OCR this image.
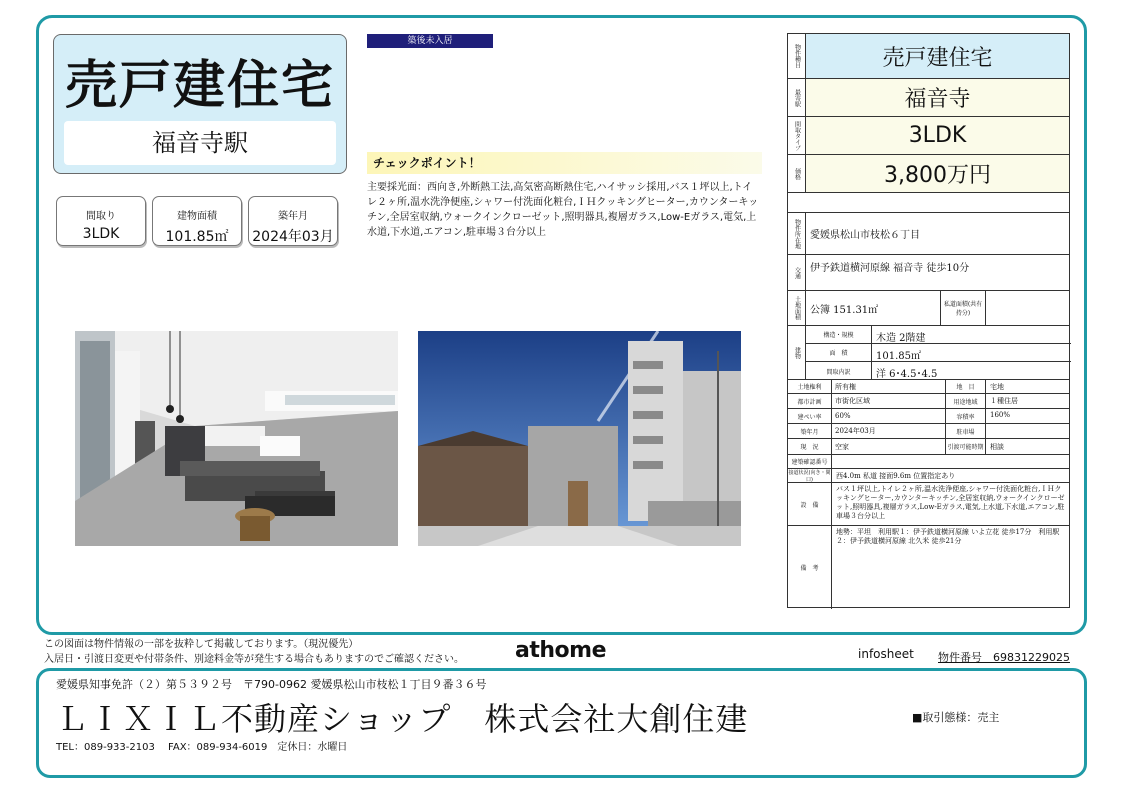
売戸建住宅
福音寺駅
間取り
3LDK
建物面積
101.85㎡
築年月
2024年03月
築後未入居
チェックポイント！
主要採光面：西向き,外断熱工法,高気密高断熱住宅,ハイサッシ採用,バス１坪以上,トイレ２ヶ所,温水洗浄便座,シャワー付洗面化粧台,ＩＨクッキングヒーター,カウンターキッチン,全居室収納,ウォークインクローゼット,照明器具,複層ガラス,Low-Eガラス,電気,上水道,下水道,エアコン,駐車場３台分以上
物件種目	売戸建住宅
最寄駅	福音寺
間取タイプ	3LDK
価格	3,800万円
物件所在地 愛媛県松山市枝松６丁目
交通 伊予鉄道横河原線 福音寺 徒歩10分
土地面積 公簿 151.31㎡	私道面積(共有持分)
建物
構造・規模	木造 2階建
面　積	101.85㎡
間取内訳	洋 6･4.5･4.5
土地権利	所有権	地　目	宅地
都市計画	市街化区域	用途地域	１種住居
建ぺい率	60%	容積率	160%
築年月	2024年03月	駐車場
現　況	空家	引渡可能時期 相談
建築確認番号
接道状況(向き・間口)	西4.0m 私道 接面9.6m 位置指定あり
設　備
バス１坪以上,トイレ２ヶ所,温水洗浄便座,シャワー付洗面化粧台,ＩＨクッキングヒーター,カウンターキッチン,全居室収納,ウォークインクローゼット,照明器具,複層ガラス,Low-Eガラス,電気,上水道,下水道,エアコン,駐車場３台分以上
備　考
地勢：平坦　利用駅１：伊予鉄道横河原線 いよ立花 徒歩17分　利用駅２：伊予鉄道横河原線 北久米 徒歩21分
この図面は物件情報の一部を抜粋して掲載しております。（現況優先）
入居日・引渡日変更や付帯条件、別途料金等が発生する場合もありますのでご確認ください。 athome	infosheet 物件番号　69831229025
愛媛県知事免許（２）第５３９２号　〒790-0962 愛媛県松山市枝松１丁目９番３６号
ＬＩＸＩＬ不動産ショップ　株式会社大創住建
TEL：089-933-2103　 FAX：089-934-6019　定休日：水曜日
■取引態様：売主
